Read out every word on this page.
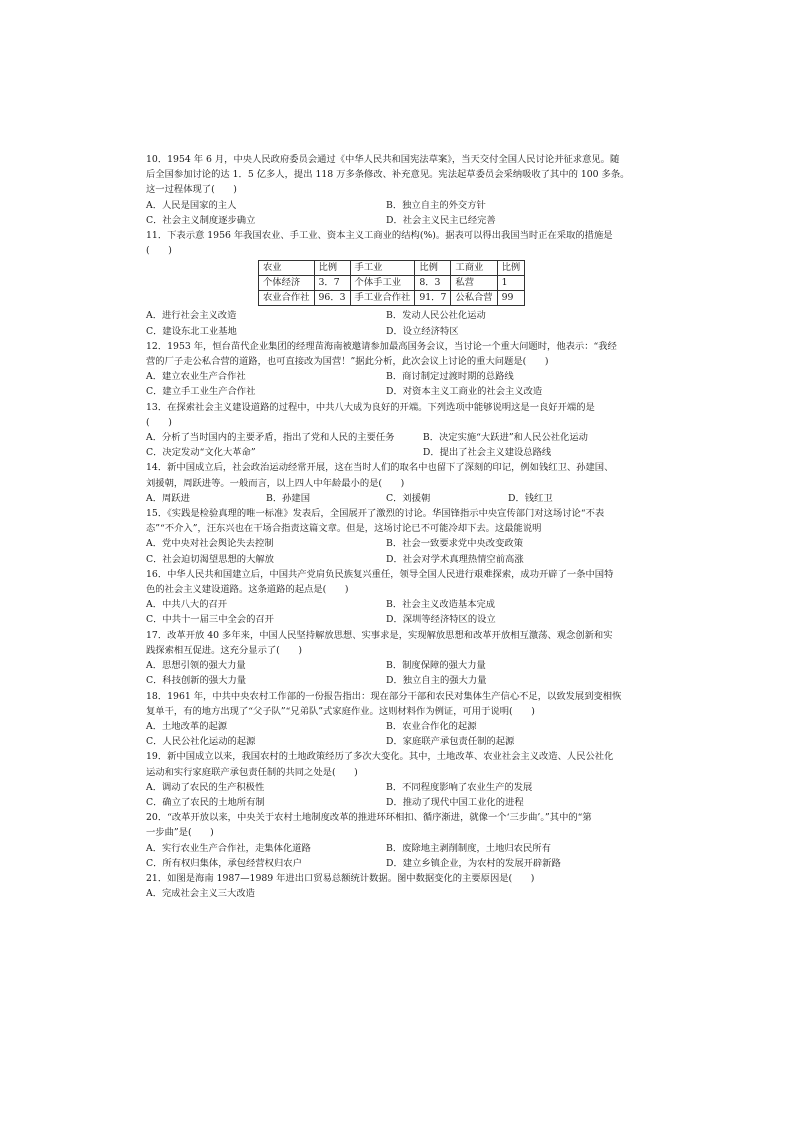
10．1954 年 6 月，中央人民政府委员会通过《中华人民共和国宪法草案》，当天交付全国人民讨论并征求意见。随
后全国参加讨论的达 1．5 亿多人，提出 118 万多条修改、补充意见。宪法起草委员会采纳吸收了其中的 100 多条。
这一过程体现了(　　)
A．人民是国家的主人	B．独立自主的外交方针
C．社会主义制度逐步确立	D．社会主义民主已经完善
11．下表示意 1956 年我国农业、手工业、资本主义工商业的结构(%)。据表可以得出我国当时正在采取的措施是
(　　)
农业	比例	手工业	比例	工商业	比例
个体经济	3．7	个体手工业	8．3	私营	1
农业合作社	96．3	手工业合作社	91．7	公私合营	99
A．进行社会主义改造	B．发动人民公社化运动
C．建设东北工业基地	D．设立经济特区
12．1953 年，恒台苗代企业集团的经理苗海南被邀请参加最高国务会议，当讨论一个重大问题时，他表示：“我经
营的厂子走公私合营的道路，也可直接改为国营！”据此分析，此次会议上讨论的重大问题是(　　)
A．建立农业生产合作社	B．商讨制定过渡时期的总路线
C．建立手工业生产合作社	D．对资本主义工商业的社会主义改造
13．在探索社会主义建设道路的过程中，中共八大成为良好的开端。下列选项中能够说明这是一良好开端的是
(　　)
A．分析了当时国内的主要矛盾，指出了党和人民的主要任务	B．决定实施“大跃进”和人民公社化运动
C．决定发动“文化大革命”	D．提出了社会主义建设总路线
14．新中国成立后，社会政治运动经常开展，这在当时人们的取名中也留下了深刻的印记，例如钱红卫、孙建国、
刘援朝，周跃进等。一般而言，以上四人中年龄最小的是(　　)
A．周跃进	B．孙建国	C．刘援朝	D．钱红卫
15．《实践是检验真理的唯一标准》发表后，全国展开了激烈的讨论。华国锋指示中央宣传部门对这场讨论“不表
态”“不介入”，汪东兴也在干场合指责这篇文章。但是，这场讨论已不可能冷却下去。这最能说明
A．党中央对社会舆论失去控制	B．社会一致要求党中央改变政策
C．社会迫切渴望思想的大解放	D．社会对学术真理热情空前高涨
16．中华人民共和国建立后，中国共产党肩负民族复兴重任，领导全国人民进行艰难探索，成功开辟了一条中国特
色的社会主义建设道路。这条道路的起点是(　　)
A．中共八大的召开	B．社会主义改造基本完成
C．中共十一届三中全会的召开	D．深圳等经济特区的设立
17．改革开放 40 多年来，中国人民坚持解放思想、实事求是，实现解放思想和改革开放相互激荡、观念创新和实
践探索相互促进。这充分显示了(　　)
A．思想引领的强大力量	B．制度保障的强大力量
C．科技创新的强大力量	D．独立自主的强大力量
18．1961 年，中共中央农村工作部的一份报告指出：现在部分干部和农民对集体生产信心不足，以致发展到变相恢
复单干，有的地方出现了“父子队”“兄弟队”式家庭作业。这则材料作为例证，可用于说明(　　)
A．土地改革的起源	B．农业合作化的起源
C．人民公社化运动的起源	D．家庭联产承包责任制的起源
19．新中国成立以来，我国农村的土地政策经历了多次大变化。其中，土地改革、农业社会主义改造、人民公社化
运动和实行家庭联产承包责任制的共同之处是(　　)
A．调动了农民的生产积极性	B．不同程度影响了农业生产的发展
C．确立了农民的土地所有制	D．推动了现代中国工业化的进程
20．“改革开放以来，中央关于农村土地制度改革的推进环环相扣、循序渐进，就像一个‘三步曲’。”其中的“第
一步曲”是(　　)
A．实行农业生产合作社，走集体化道路	B．废除地主剥削制度，土地归农民所有
C．所有权归集体，承包经营权归农户	D．建立乡镇企业，为农村的发展开辟新路
21．如图是海南 1987—1989 年进出口贸易总额统计数据。图中数据变化的主要原因是(　　)
A．完成社会主义三大改造
